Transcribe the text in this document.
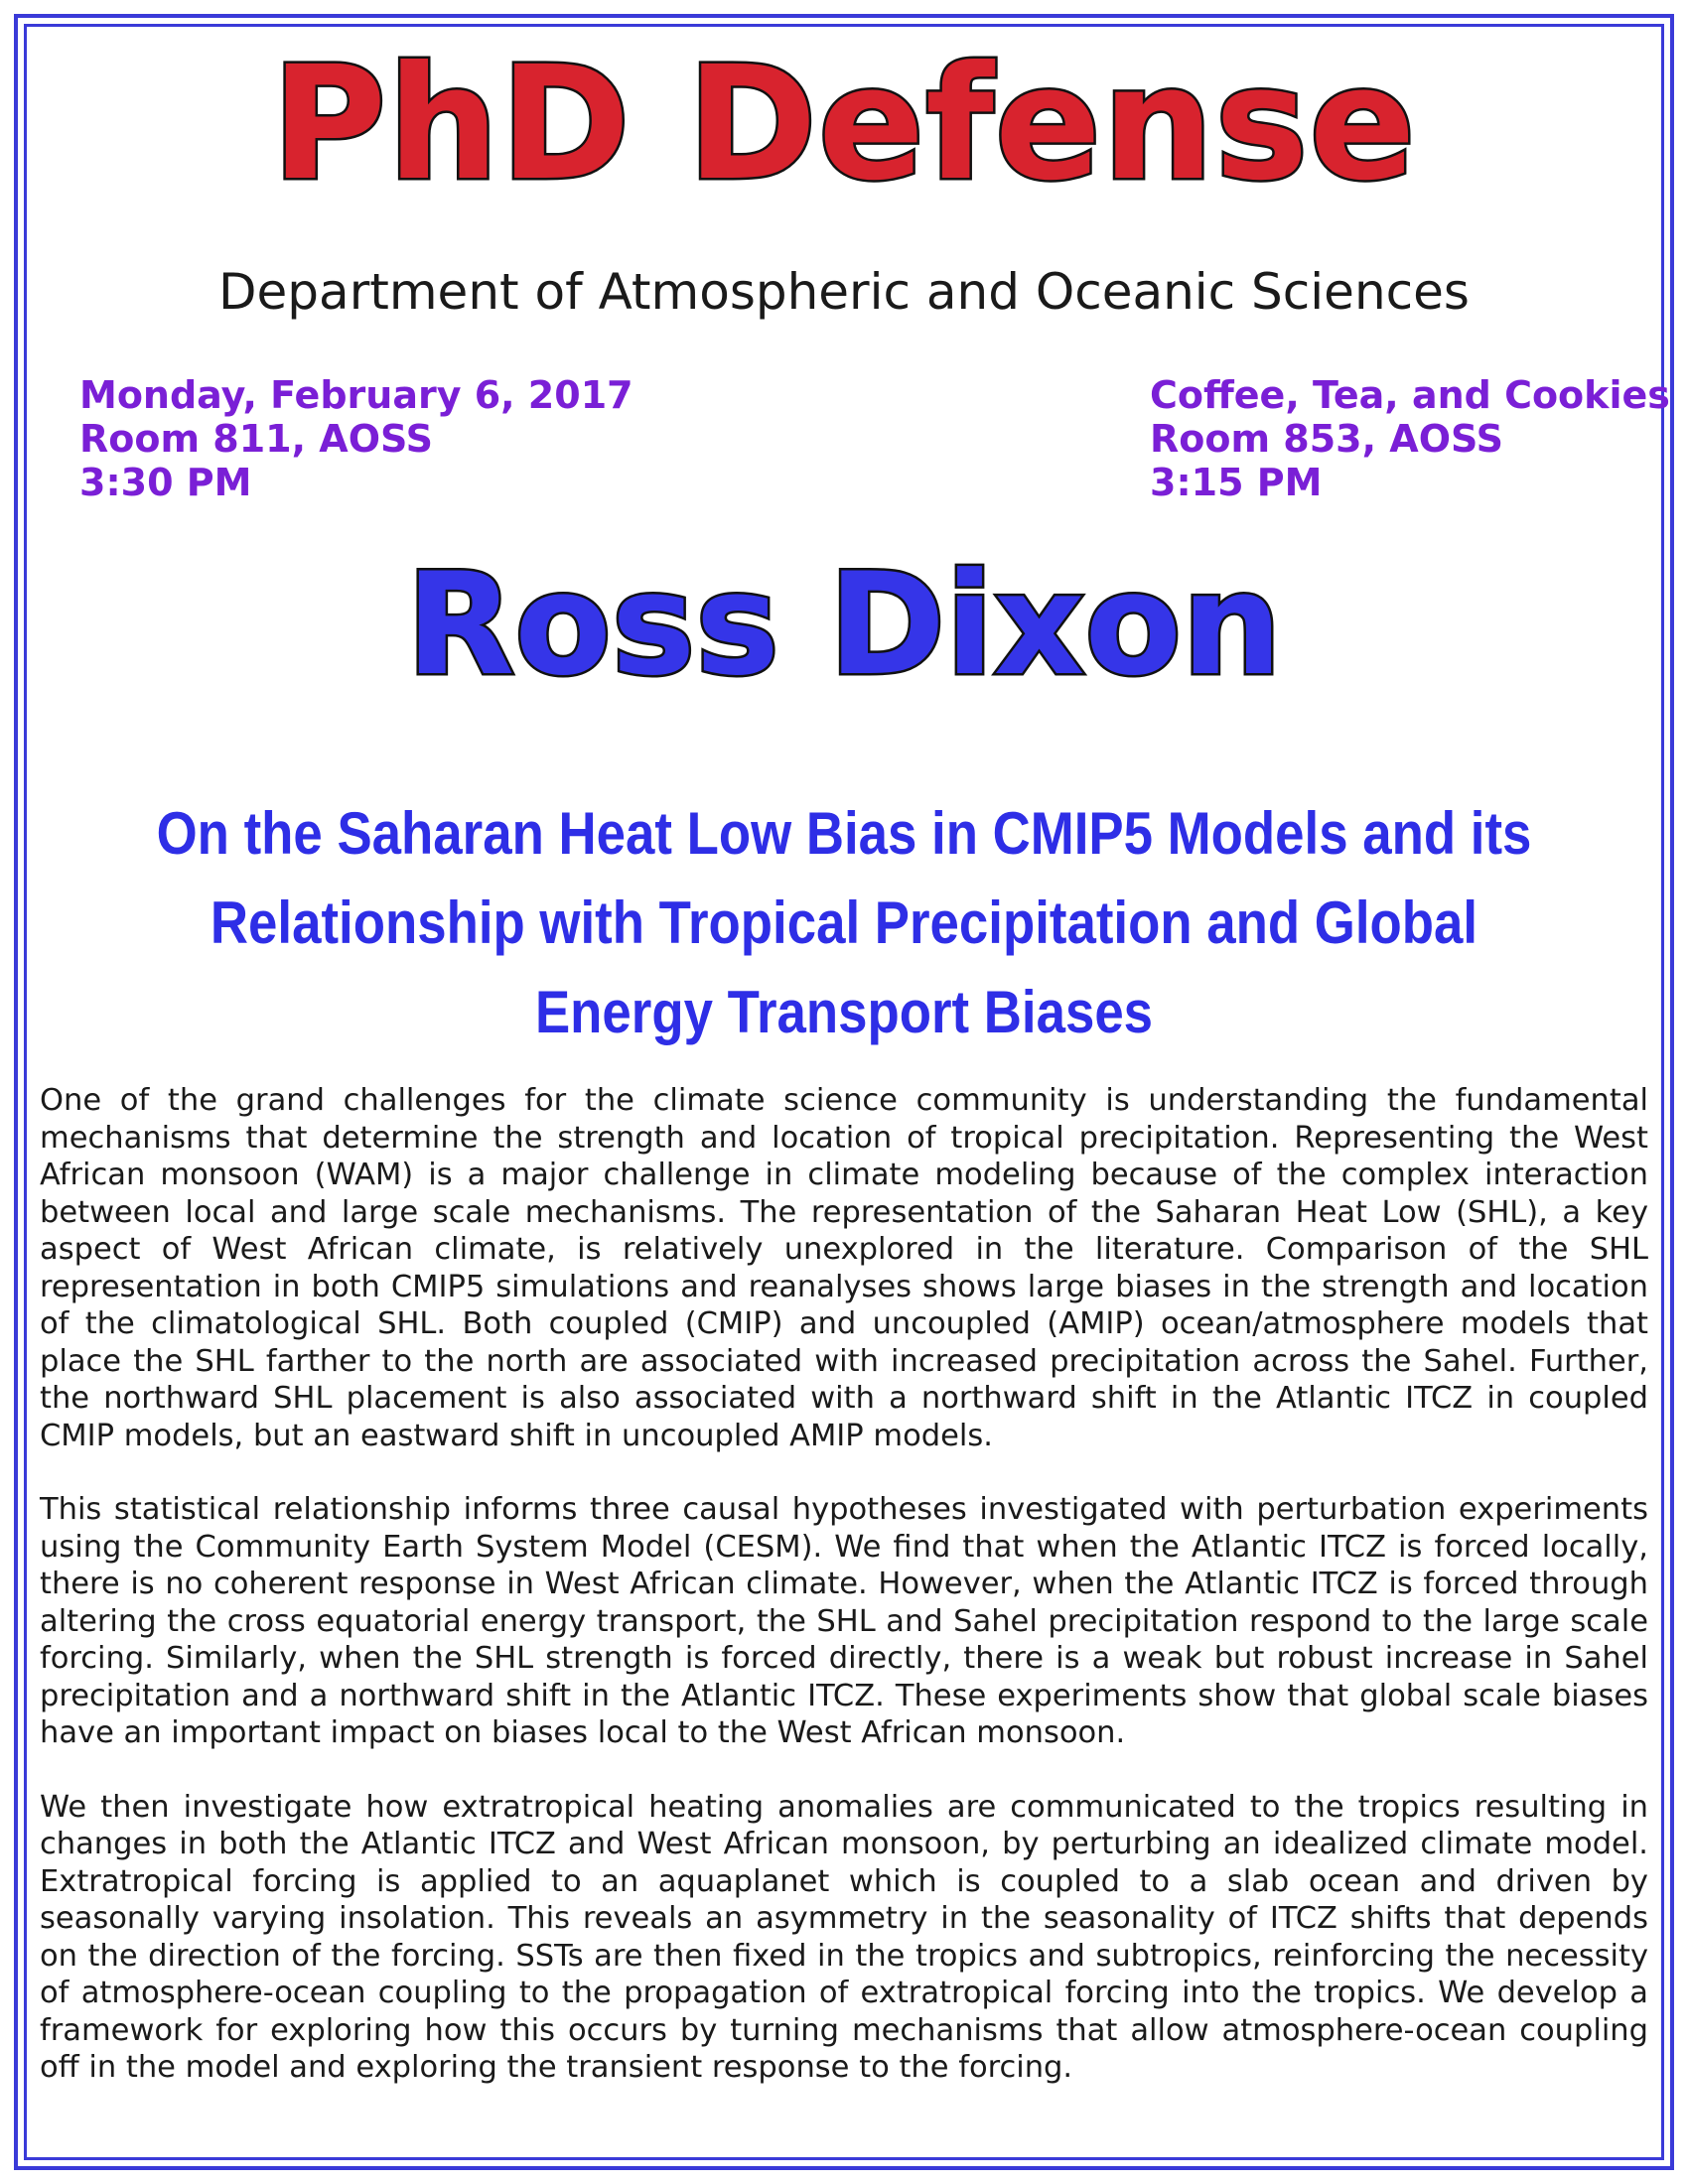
PhD Defense
Department of Atmospheric and Oceanic Sciences
Monday, February 6, 2017
Room 811, AOSS
3:30 PM
Coffee, Tea, and Cookies
Room 853, AOSS
3:15 PM
Ross Dixon
On the Saharan Heat Low Bias in CMIP5 Models and its Relationship with Tropical Precipitation and Global Energy Transport Biases

One of the grand challenges for the climate science community is understanding the fundamental mechanisms that determine the strength and location of tropical precipitation. Representing the West African monsoon (WAM) is a major challenge in climate modeling because of the complex interaction between local and large scale mechanisms. The representation of the Saharan Heat Low (SHL), a key aspect of West African climate, is relatively unexplored in the literature. Comparison of the SHL representation in both CMIP5 simulations and reanalyses shows large biases in the strength and location of the climatological SHL. Both coupled (CMIP) and uncoupled (AMIP) ocean/atmosphere models that place the SHL farther to the north are associated with increased precipitation across the Sahel. Further, the northward SHL placement is also associated with a northward shift in the Atlantic ITCZ in coupled CMIP models, but an eastward shift in uncoupled AMIP models.

This statistical relationship informs three causal hypotheses investigated with perturbation experiments using the Community Earth System Model (CESM). We find that when the Atlantic ITCZ is forced locally, there is no coherent response in West African climate. However, when the Atlantic ITCZ is forced through altering the cross equatorial energy transport, the SHL and Sahel precipitation respond to the large scale forcing. Similarly, when the SHL strength is forced directly, there is a weak but robust increase in Sahel precipitation and a northward shift in the Atlantic ITCZ. These experiments show that global scale biases have an important impact on biases local to the West African monsoon.

We then investigate how extratropical heating anomalies are communicated to the tropics resulting in changes in both the Atlantic ITCZ and West African monsoon, by perturbing an idealized climate model. Extratropical forcing is applied to an aquaplanet which is coupled to a slab ocean and driven by seasonally varying insolation. This reveals an asymmetry in the seasonality of ITCZ shifts that depends on the direction of the forcing. SSTs are then fixed in the tropics and subtropics, reinforcing the necessity of atmosphere-ocean coupling to the propagation of extratropical forcing into the tropics. We develop a framework for exploring how this occurs by turning mechanisms that allow atmosphere-ocean coupling off in the model and exploring the transient response to the forcing.
